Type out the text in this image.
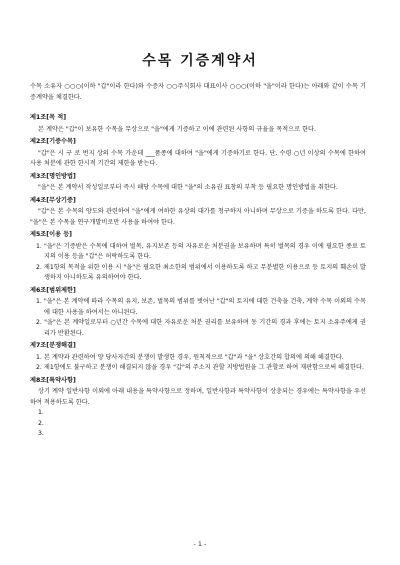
수목 기증계약서
수목 소유자 ○○○(이하 "갑"이라 한다)와 수증자 ○○주식회사 대표이사 ○○○(이하 "을"이라 한다)는 아래와 같이 수목 기증계약을 체결한다.
제1조[목 적]
본 계약은 "갑"이 보유한 수목을 무상으로 "을"에게 기증하고 이에 관련된 사항의 규율을 목적으로 한다.
제2조[기증수목]
"갑"은 시 구 로 번지 상의 수목 가운데 ___품종에 대하여 "을"에게 기증하기로 한다. 단, 수령 ○년 이상의 수목에 한하여 사용 처분에 관한 한시적 기간의 제한을 받는다.
제3조[명인방법]
"을"은 본 계약서 작성일로부터 즉시 해당 수목에 대한 "을"의 소유권 표창의 부착 등 필요한 명인방법을 취한다.
제4조[무상기증]
"갑"은 본 수목의 양도와 관련하여 "을"에게 여하한 유상의 대가를 청구하지 아니하며 무상으로 기증을 하도록 한다. 다만, "을"은 본 수목을 연구개발비로만 사용을 하여야 한다.
제5조[이용 등]
1. "을"은 기증받은 수목에 대하여 벌목, 유지보존 등의 자유로운 처분권을 보유하며 특히 벌목의 경우 이에 필요한 종료 토지의 이용 등을 "갑"은 허락하도록 한다.
2. 제1항의 목적을 위한 이용 시 "을"은 필요한 최소한의 범위에서 이용하도록 하고 무분별한 이용으로 등 토지의 훼손이 발생하지 아니하도록 유의하여야 한다.
제6조[범위제한]
1. "을"은 본 계약에 따라 수목의 유지, 보존, 벌목의 범위를 벗어난 "갑"의 토지에 대한 건축을 건축, 계약 수목 이외의 수목에 대한 사용을 하여서는 아니된다.
2. "을"은 본 계약일로부터 ○년간 수목에 대한 자유로운 처분 권리를 보유하며 동 기간의 경과 후에는 토지 소유주에게 권리가 반환된다.
제7조[분쟁해결]
1. 본 계약과 관련하여 양 당사자간의 분쟁이 발생한 경우, 원칙적으로 "갑"과 "을" 상호간의 합의에 의해 해결한다.
2. 제1항에도 불구하고 분쟁이 해결되지 않을 경우 "갑"의 주소지 관할 지방법원을 그 관할로 하여 재판함으로써 해결한다.
제8조[특약사항]
상기 계약 일반사항 이외에 아래 내용을 특약사항으로 정하며, 일반사항과 특약사항이 상충되는 경우에는 특약사항을 우선하여 적용하도록 한다.
1.
2.
3.
- 1 -
